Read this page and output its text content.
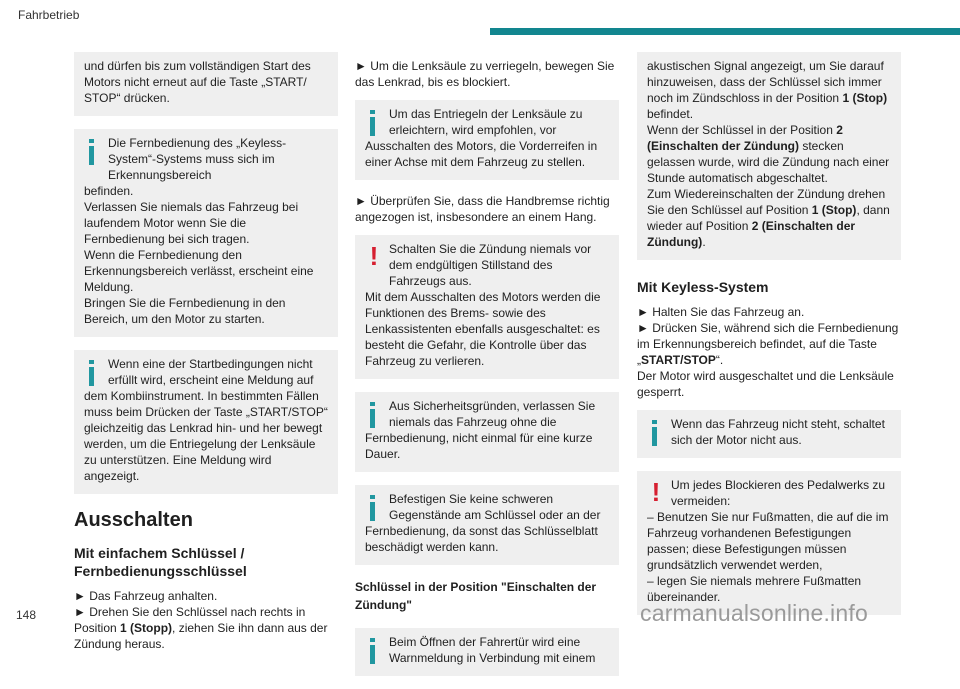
Fahrbetrieb
und dürfen bis zum vollständigen Start des Motors nicht erneut auf die Taste „START/ STOP“ drücken.
Die Fernbedienung des „Keyless-System“-Systems muss sich im Erkennungsbereich
befinden.
Verlassen Sie niemals das Fahrzeug bei laufendem Motor wenn Sie die Fernbedienung bei sich tragen.
Wenn die Fernbedienung den Erkennungsbereich verlässt, erscheint eine Meldung.
Bringen Sie die Fernbedienung in den Bereich, um den Motor zu starten.
Wenn eine der Startbedingungen nicht erfüllt wird, erscheint eine Meldung auf
dem Kombiinstrument. In bestimmten Fällen muss beim Drücken der Taste „START/STOP“ gleichzeitig das Lenkrad hin- und her bewegt werden, um die Entriegelung der Lenksäule zu unterstützen. Eine Meldung wird angezeigt.
Ausschalten
Mit einfachem Schlüssel / Fernbedienungsschlüssel

► Das Fahrzeug anhalten.

► Drehen Sie den Schlüssel nach rechts in Position 1 (Stopp), ziehen Sie ihn dann aus der Zündung heraus.

► Um die Lenksäule zu verriegeln, bewegen Sie das Lenkrad, bis es blockiert.

Um das Entriegeln der Lenksäule zu erleichtern, wird empfohlen, vor
Ausschalten des Motors, die Vorderreifen in einer Achse mit dem Fahrzeug zu stellen.

► Überprüfen Sie, dass die Handbremse richtig angezogen ist, insbesondere an einem Hang.

! Schalten Sie die Zündung niemals vor dem endgültigen Stillstand des Fahrzeugs aus.
Mit dem Ausschalten des Motors werden die Funktionen des Brems- sowie des Lenkassistenten ebenfalls ausgeschaltet: es besteht die Gefahr, die Kontrolle über das Fahrzeug zu verlieren.
Aus Sicherheitsgründen, verlassen Sie niemals das Fahrzeug ohne die
Fernbedienung, nicht einmal für eine kurze Dauer.
Befestigen Sie keine schweren Gegenstände am Schlüssel oder an der
Fernbedienung, da sonst das Schlüsselblatt beschädigt werden kann.
Schlüssel in der Position "Einschalten der Zündung"
Beim Öffnen der Fahrertür wird eine Warnmeldung in Verbindung mit einem
akustischen Signal angezeigt, um Sie darauf hinzuweisen, dass der Schlüssel sich immer noch im Zündschloss in der Position 1 (Stop) befindet.
Wenn der Schlüssel in der Position 2 (Einschalten der Zündung) stecken gelassen wurde, wird die Zündung nach einer Stunde automatisch abgeschaltet.
Zum Wiedereinschalten der Zündung drehen Sie den Schlüssel auf Position 1 (Stop), dann wieder auf Position 2 (Einschalten der Zündung).
Mit Keyless-System

► Halten Sie das Fahrzeug an.

► Drücken Sie, während sich die Fernbedienung im Erkennungsbereich befindet, auf die Taste „START/STOP“.

Der Motor wird ausgeschaltet und die Lenksäule gesperrt.

Wenn das Fahrzeug nicht steht, schaltet sich der Motor nicht aus.
! Um jedes Blockieren des Pedalwerks zu vermeiden:
– Benutzen Sie nur Fußmatten, die auf die im Fahrzeug vorhandenen Befestigungen passen; diese Befestigungen müssen grundsätzlich verwendet werden,
– legen Sie niemals mehrere Fußmatten übereinander.
148	carmanualsonline.info
